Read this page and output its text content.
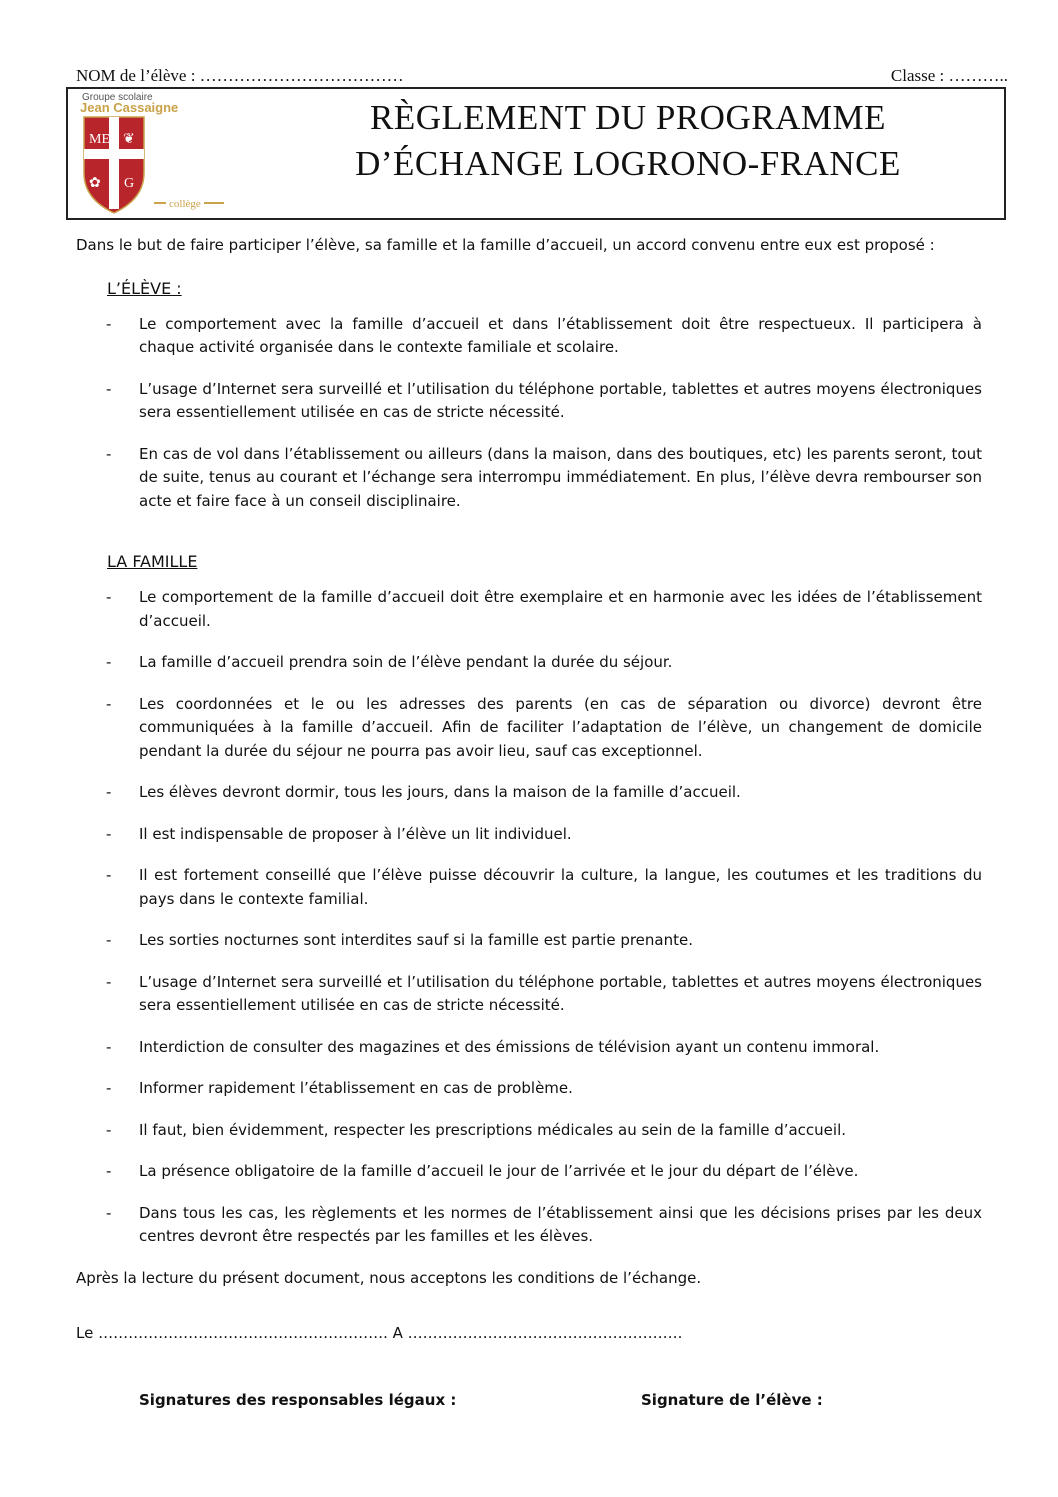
NOM de l’élève : ………………………………	Classe : ………..
Groupe scolaire
Jean Cassaigne
ME ❦
✿ G
collège
RÈGLEMENT DU PROGRAMME
D’ÉCHANGE LOGRONO-FRANCE

Dans le but de faire participer l’élève, sa famille et la famille d’accueil, un accord convenu entre eux est proposé :

L’ÉLÈVE :

- Le comportement avec la famille d’accueil et dans l’établissement doit être respectueux. Il participera à chaque activité organisée dans le contexte familiale et scolaire.
- L’usage d’Internet sera surveillé et l’utilisation du téléphone portable, tablettes et autres moyens électroniques sera essentiellement utilisée en cas de stricte nécessité.
- En cas de vol dans l’établissement ou ailleurs (dans la maison, dans des boutiques, etc) les parents seront, tout de suite, tenus au courant et l’échange sera interrompu immédiatement. En plus, l’élève devra rembourser son acte et faire face à un conseil disciplinaire.

LA FAMILLE

- Le comportement de la famille d’accueil doit être exemplaire et en harmonie avec les idées de l’établissement d’accueil.
- La famille d’accueil prendra soin de l’élève pendant la durée du séjour.
- Les coordonnées et le ou les adresses des parents (en cas de séparation ou divorce) devront être communiquées à la famille d’accueil. Afin de faciliter l’adaptation de l’élève, un changement de domicile pendant la durée du séjour ne pourra pas avoir lieu, sauf cas exceptionnel.
- Les élèves devront dormir, tous les jours, dans la maison de la famille d’accueil.
- Il est indispensable de proposer à l’élève un lit individuel.
- Il est fortement conseillé que l’élève puisse découvrir la culture, la langue, les coutumes et les traditions du pays dans le contexte familial.
- Les sorties nocturnes sont interdites sauf si la famille est partie prenante.
- L’usage d’Internet sera surveillé et l’utilisation du téléphone portable, tablettes et autres moyens électroniques sera essentiellement utilisée en cas de stricte nécessité.
- Interdiction de consulter des magazines et des émissions de télévision ayant un contenu immoral.
- Informer rapidement l’établissement en cas de problème.
- Il faut, bien évidemment, respecter les prescriptions médicales au sein de la famille d’accueil.
- La présence obligatoire de la famille d’accueil le jour de l’arrivée et le jour du départ de l’élève.
- Dans tous les cas, les règlements et les normes de l’établissement ainsi que les décisions prises par les deux centres devront être respectés par les familles et les élèves.

Après la lecture du présent document, nous acceptons les conditions de l’échange.

Le …………………………………………………. A ……………………………………………….

Signatures des responsables légaux :	Signature de l’élève :
